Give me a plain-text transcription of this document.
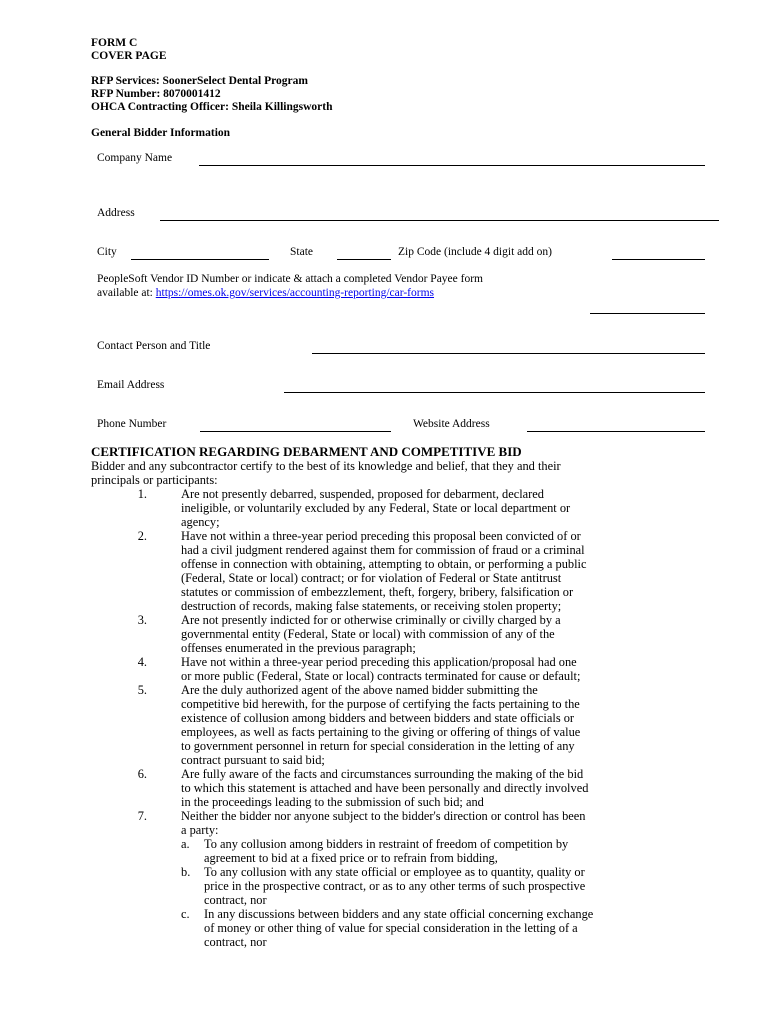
FORM C
COVER PAGE
RFP Services: SoonerSelect Dental Program
RFP Number: 8070001412
OHCA Contracting Officer: Sheila Killingsworth
General Bidder Information
Company Name
Address
City	State	Zip Code (include 4 digit add on)
PeopleSoft Vendor ID Number or indicate & attach a completed Vendor Payee form
available at: https://omes.ok.gov/services/accounting-reporting/car-forms
Contact Person and Title
Email Address
Phone Number	Website Address
CERTIFICATION REGARDING DEBARMENT AND COMPETITIVE BID
Bidder and any subcontractor certify to the best of its knowledge and belief, that they and their
principals or participants:
1.	Are not presently debarred, suspended, proposed for debarment, declared
ineligible, or voluntarily excluded by any Federal, State or local department or
agency;
2.	Have not within a three-year period preceding this proposal been convicted of or
had a civil judgment rendered against them for commission of fraud or a criminal
offense in connection with obtaining, attempting to obtain, or performing a public
(Federal, State or local) contract; or for violation of Federal or State antitrust
statutes or commission of embezzlement, theft, forgery, bribery, falsification or
destruction of records, making false statements, or receiving stolen property;
3.	Are not presently indicted for or otherwise criminally or civilly charged by a
governmental entity (Federal, State or local) with commission of any of the
offenses enumerated in the previous paragraph;
4.	Have not within a three-year period preceding this application/proposal had one
or more public (Federal, State or local) contracts terminated for cause or default;
5.	Are the duly authorized agent of the above named bidder submitting the
competitive bid herewith, for the purpose of certifying the facts pertaining to the
existence of collusion among bidders and between bidders and state officials or
employees, as well as facts pertaining to the giving or offering of things of value
to government personnel in return for special consideration in the letting of any
contract pursuant to said bid;
6.	Are fully aware of the facts and circumstances surrounding the making of the bid
to which this statement is attached and have been personally and directly involved
in the proceedings leading to the submission of such bid; and
7.	Neither the bidder nor anyone subject to the bidder's direction or control has been
a party:
a. To any collusion among bidders in restraint of freedom of competition by
agreement to bid at a fixed price or to refrain from bidding,
b. To any collusion with any state official or employee as to quantity, quality or
price in the prospective contract, or as to any other terms of such prospective
contract, nor
c. In any discussions between bidders and any state official concerning exchange
of money or other thing of value for special consideration in the letting of a
contract, nor
